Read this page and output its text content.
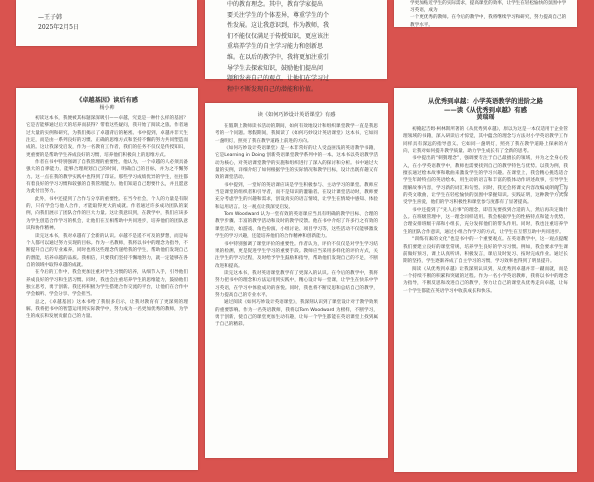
—王子韩

2025年2月5日

中的教育理念。其中，教育学家提出

要关注学生的个体差异，尊重学生的个

性发展。这让我意识到，作为教师，我

们不能仅仅满足于传授知识，更应该注

重培养学生的自主学习能力和创新思

维。在以后的教学中，我将更加注重引

导学生去探索知识，鼓励他们提出问

题和发表自己的观点，让他们在学习过

程中不断发现自己的潜能和价值。

学更加贴近学生的实际需求，提高课堂的效率，让学生在轻松愉快的氛围中学习英语，成为

一个更优秀的教师。在今后的教学中，我将继续学习和研究，努力提高自己的教学水平。

《卓越基因》读后有感

杨小帅

初读这本书，我便被其标题深深吸引——卓越，究竟是一种什么样的基因？它是否能够通过后天的培养而获得？带着这些疑问，我开始了阅读之旅。作者通过大量的实例和研究，为我们揭示了卓越背后的秘密。书中提到，卓越并非天生注定，而是由一系列良好的习惯、正确的思维方式和坚持不懈的努力共同塑造而成的。这让我深受启发，作为一名教育工作者，我们的任务不仅仅是传授知识，更重要的是帮助学生养成良好的习惯，培养他们积极向上的思维方式。

作者在书中特别强调了自我管理的重要性。他认为，一个卓越的人必须具备强大的自律能力，能够合理规划自己的时间，明确自己的目标，并为之不懈努力。这一点在我的教学实践中也得到了印证。那些学习成绩优异的学生，往往都有着良好的学习习惯和较强的自我管理能力。他们知道自己想要什么，并且愿意为此付出努力。

此外，书中还提到了合作与分享的重要性。在当今社会，个人的力量是有限的，只有学会与他人合作，才能取得更大的成就。作者通过许多成功团队的案例，向我们展示了团队合作的巨大力量。这让我意识到，在教学中，我们应该多为学生创造合作学习的机会，让他们在互相帮助中共同进步，培养他们的团队意识和协作精神。

读完这本书，我对卓越有了全新的认识。卓越不是遥不可及的梦想，而是每个人都可以通过努力实现的目标。作为一名教师，我将以书中的理念为指导，不断提升自己的专业素养，同时也将这些理念传递给我的学生，帮助他们发现自己的潜能，培养卓越的品质。我相信，只要我们坚持不懈地努力，就一定能够在各自的领域中取得卓越的成就。

在今后的工作中，我会更加注重对学生习惯的培养，从细节入手，引导他们养成良好的学习和生活习惯。同时，我也会注重培养学生的思维能力，鼓励他们独立思考，勇于创新。我还将积极为学生搭建合作交流的平台，让他们在合作中学会倾听、学会分享、学会担当。

总之，《卓越基因》这本书给了我很多启示，让我对教育有了更深刻的理解。我将把书中的智慧运用到实际教学中，努力成为一名更加优秀的教师，为学生的成长和发展贡献自己的力量。

读《如何巧妙设计英语课堂》有感

在假期上教师读书活动的期间，如何有效地设计和组织课堂教学一直是我思考的一个问题。寒假期间，我阅读了《如何巧妙设计英语课堂》这本书，它如同一盏明灯，照亮了我在教学道路上前进的方向。

《如何巧妙设计英语课堂》是一本非常好的让人受益匪浅的英语教学书籍，它是Learning in Doing 创新英语课堂教学系列中的一本。这本书以英语教学活动为核心，对英语课堂教学的实施和组织进行了深入的探讨和分析。书中通过大量的实例，详细介绍了如何根据学生的实际情况和教学目标，设计出既有趣又有效的课堂活动。

书中提到，一堂好的英语课应该是学生积极参与、主动学习的课堂。教师应当是课堂的组织者和引导者，而不是知识的灌输者。在设计课堂活动时，教师要充分考虑学生的兴趣和需求，创设真实的语言情境，让学生在情境中感知、体验和运用语言。这一观点让我深受启发。

Tom Woodward 认为一堂有效的英语课应当具有明确的教学目标、合理的教学步骤、丰富的教学活动和及时的教学反馈。他在书中介绍了许多行之有效的课堂活动，如游戏、角色扮演、小组讨论、项目学习等，这些活动不仅能够激发学生的学习兴趣，还能培养他们的合作精神和创新能力。

书中特别强调了课堂评价的重要性。作者认为，评价不仅仅是对学生学习结果的检测，更是促进学生学习的重要手段。教师应当采用多样化的评价方式，关注学生的学习过程，及时给予学生鼓励和指导，帮助他们发现自己的不足，不断改进和提高。

读完这本书，我对英语课堂教学有了更深入的认识。在今后的教学中，我将努力把书中的理念和方法运用到实践中，精心设计每一堂课，让学生在快乐中学习英语，在学习中体验成功的喜悦。同时，我也将不断反思和总结自己的教学，努力提高自己的专业水平。

通过阅读《如何巧妙设计英语课堂》，我深刻认识到了课堂设计对于教学效果的重要影响。作为一名英语教师，我将以Tom Woodward 为榜样，不断学习，勇于创新，使自己的课堂更加生动有趣，让每一个学生都能在英语课堂上找到属于自己的精彩。

从优秀到卓越：小学英语教学的进阶之路

——读《从优秀到卓越》有感

黄瑞瑶

初掩起吉姆·柯林斯所著的《从优秀到卓越》，原以为这是一本仅适用于企业管理领域的书籍，深入研读后才惊觉，其中蕴含的理念与方法对小学英语教学工作同样具有深远的指导意义。它如同一盏明灯，照亮了我在教学道路上探索的方向，让我对如何提升教学质量、助力学生成长有了全新的思考。

书中提出的“刺猬理念”，强调要专注于自己最擅长的领域，并为之全身心投入，在小学英语教学中，教师也需要找到自己的教学特色与优势。以我为例，我擅长通过绘本故事和歌曲来激发学生的学习兴趣。在课堂上，我会精心挑选适合学生年龄特点的英语绘本，用生动的语言和丰富的肢体动作讲述故事，引导学生理解故事内容，学习新的词汇和句型。同时，我还会将课文内容改编成朗朗上口的英文歌曲，让学生在轻松愉快的氛围中掌握知识。实践证明，这种教学方式深受学生喜爱，他们的学习积极性和课堂参与度都有了显著提高。

书中还提到了“先人后事”的理念，即首先要找到合适的人，然后再决定做什么。在班级管理中，这一理念同样适用。我会根据学生的性格特点和能力优势，合理安排班级干部和小组长，充分发挥他们的带头作用。同时，我也注重培养学生的团队合作意识，通过小组合作学习的方式，让学生在互帮互助中共同进步。

“训练有素的文化”也是书中的一个重要观点。在英语教学中，这一观点提醒我们要建立良好的课堂常规，培养学生良好的学习习惯。例如，我会要求学生课前做好预习，课上认真听讲、积极发言，课后及时复习、按时完成作业。通过长期的坚持，学生逐渐养成了自主学习的习惯，学习效率也得到了明显提升。

阅读《从优秀到卓越》让我深刻认识到，从优秀到卓越并非一蹴而就，而是一个持续不断的积累和突破的过程。作为一名小学英语教师，我将以书中的理念为指导，不断反思和改进自己的教学，努力让自己的课堂从优秀走向卓越，让每一个学生都能在英语学习中收获成长和快乐。
